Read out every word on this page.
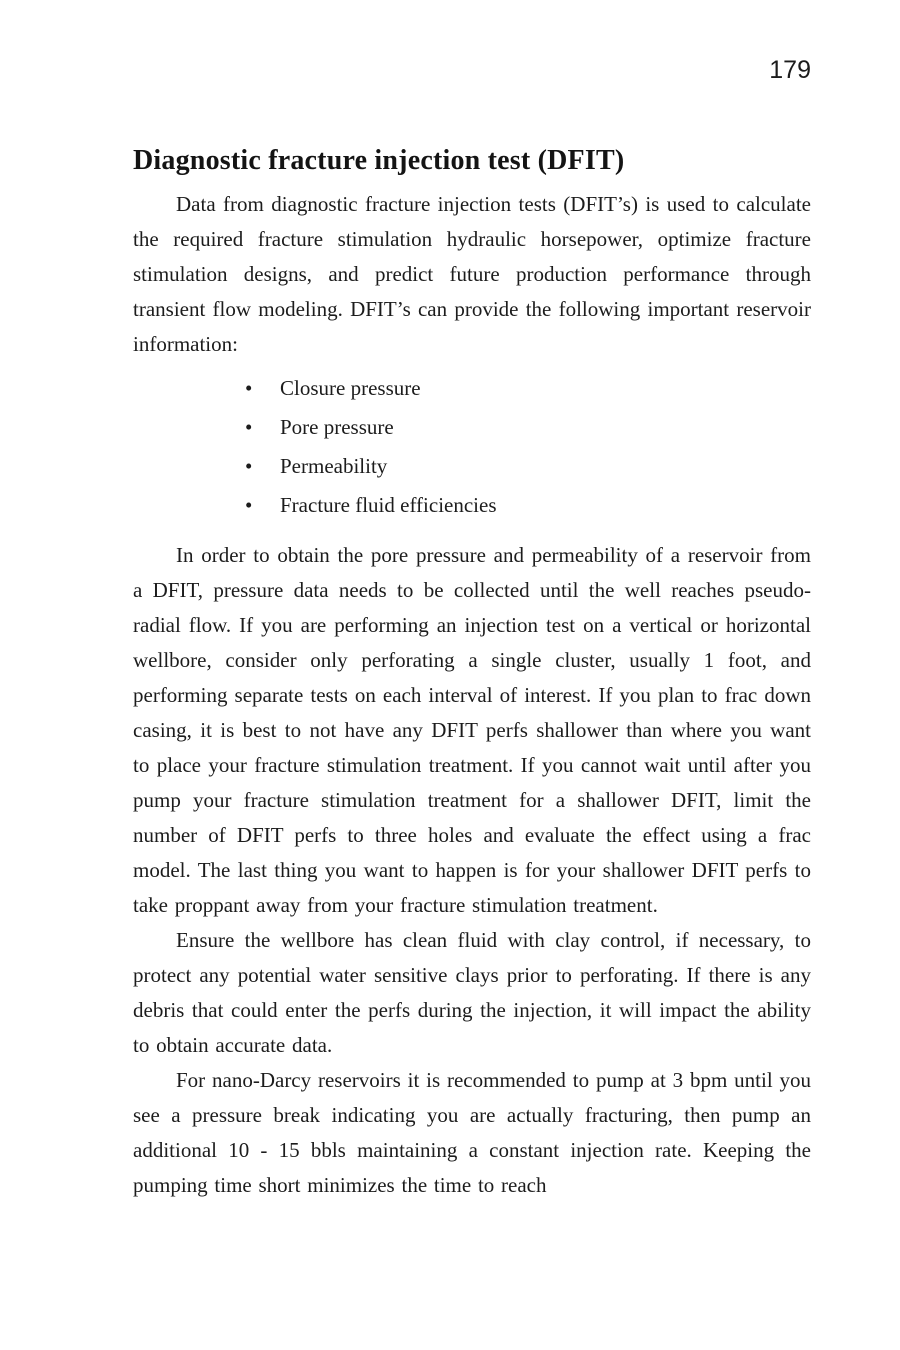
179
Diagnostic fracture injection test (DFIT)

Data from diagnostic fracture injection tests (DFIT’s) is used to calculate the required fracture stimulation hydraulic horsepower, optimize fracture stimulation designs, and predict future production performance through transient flow modeling. DFIT’s can provide the following important reservoir information:

• Closure pressure
• Pore pressure
• Permeability
• Fracture fluid efficiencies

In order to obtain the pore pressure and permeability of a reservoir from a DFIT, pressure data needs to be collected until the well reaches pseudo-radial flow. If you are performing an injection test on a vertical or horizontal wellbore, consider only perforating a single cluster, usually 1 foot, and performing separate tests on each interval of interest. If you plan to frac down casing, it is best to not have any DFIT perfs shallower than where you want to place your fracture stimulation treatment. If you cannot wait until after you pump your fracture stimulation treatment for a shallower DFIT, limit the number of DFIT perfs to three holes and evaluate the effect using a frac model. The last thing you want to happen is for your shallower DFIT perfs to take proppant away from your fracture stimulation treatment.

Ensure the wellbore has clean fluid with clay control, if necessary, to protect any potential water sensitive clays prior to perforating. If there is any debris that could enter the perfs during the injection, it will impact the ability to obtain accurate data.

For nano-Darcy reservoirs it is recommended to pump at 3 bpm until you see a pressure break indicating you are actually fracturing, then pump an additional 10 - 15 bbls maintaining a constant injection rate. Keeping the pumping time short minimizes the time to reach
